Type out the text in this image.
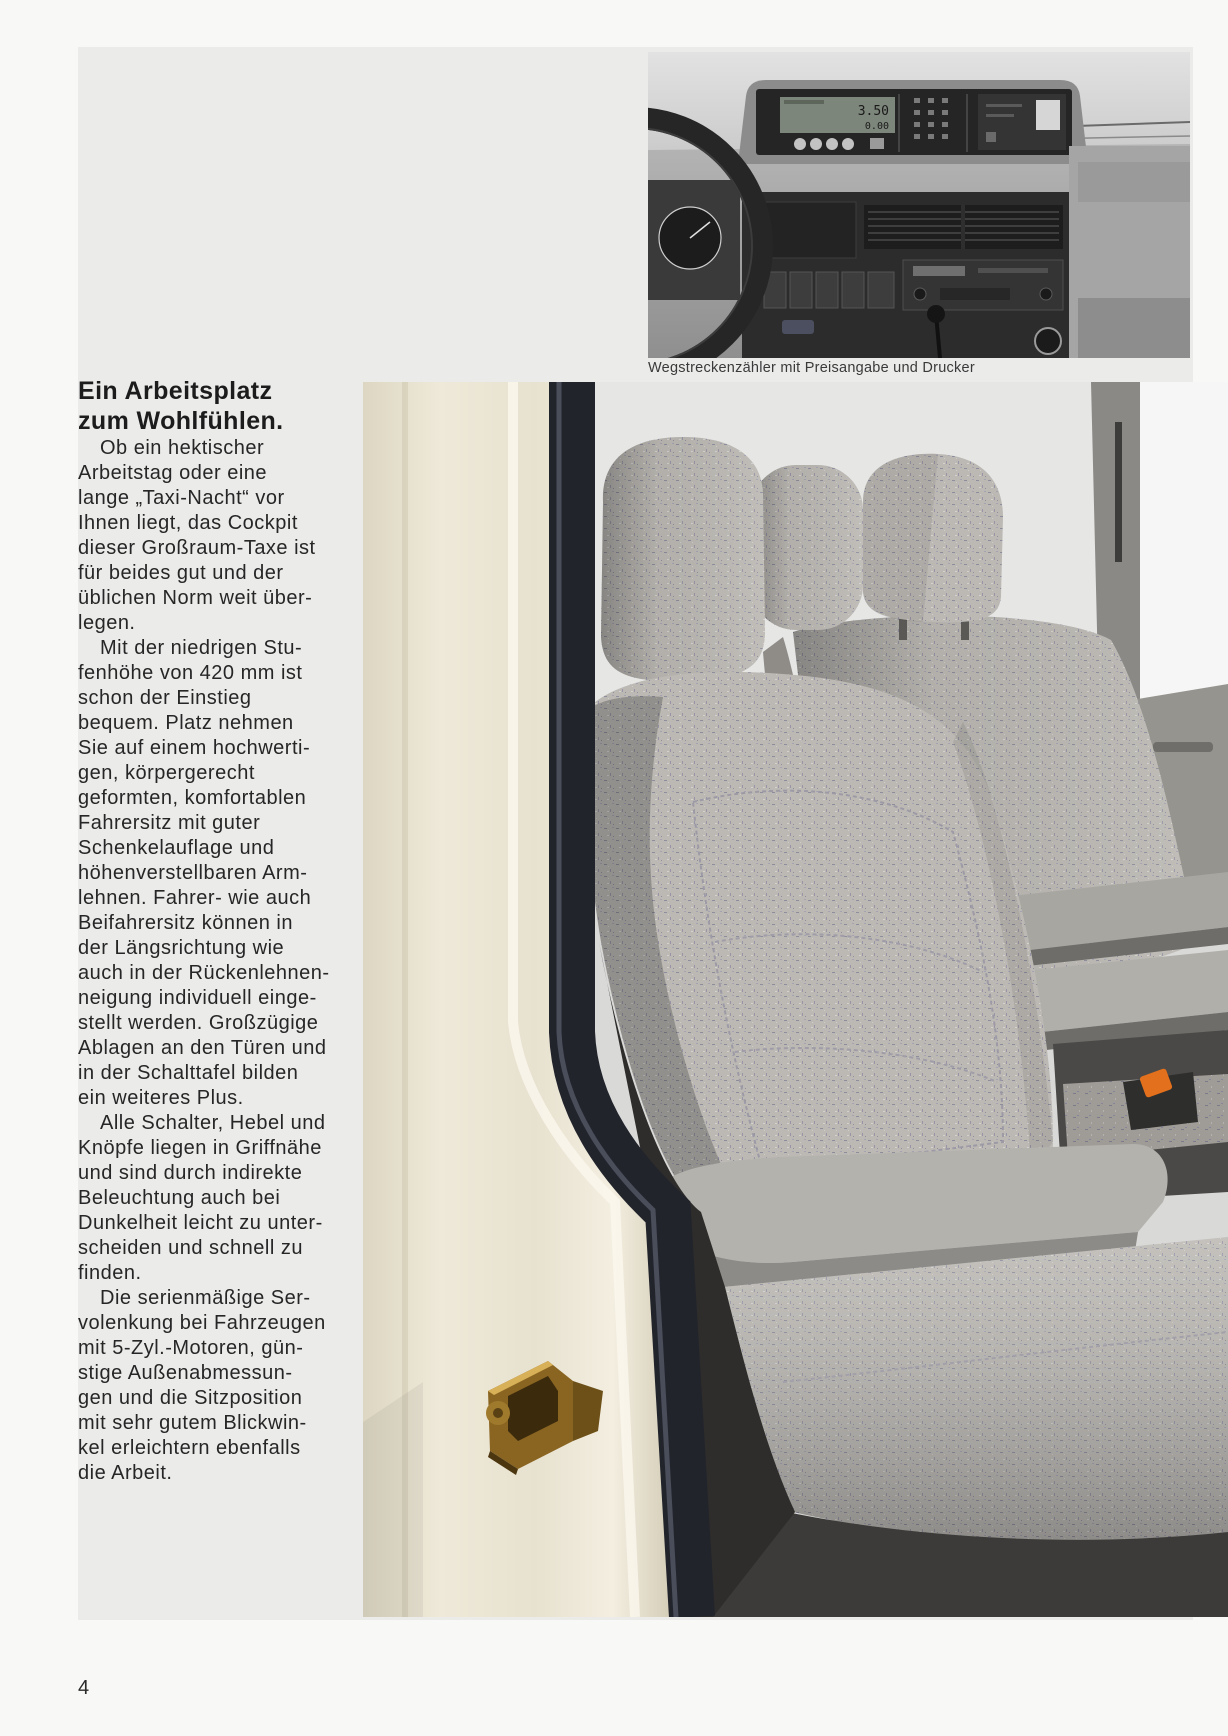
3.50
0.00
Wegstreckenzähler mit Preisangabe und Drucker
Ein Arbeitsplatz
zum Wohlfühlen.
Ob ein hektischer
Arbeitstag oder eine
lange „Taxi-Nacht“ vor
Ihnen liegt, das Cockpit
dieser Großraum-Taxe ist
für beides gut und der
üblichen Norm weit über-
legen.
Mit der niedrigen Stu-
fenhöhe von 420 mm ist
schon der Einstieg
bequem. Platz nehmen
Sie auf einem hochwerti-
gen, körpergerecht
geformten, komfortablen
Fahrersitz mit guter
Schenkelauflage und
höhenverstellbaren Arm-
lehnen. Fahrer- wie auch
Beifahrersitz können in
der Längsrichtung wie
auch in der Rückenlehnen-
neigung individuell einge-
stellt werden. Großzügige
Ablagen an den Türen und
in der Schalttafel bilden
ein weiteres Plus.
Alle Schalter, Hebel und
Knöpfe liegen in Griffnähe
und sind durch indirekte
Beleuchtung auch bei
Dunkelheit leicht zu unter-
scheiden und schnell zu
finden.
Die serienmäßige Ser-
volenkung bei Fahrzeugen
mit 5-Zyl.-Motoren, gün-
stige Außenabmessun-
gen und die Sitzposition
mit sehr gutem Blickwin-
kel erleichtern ebenfalls
die Arbeit.
4
